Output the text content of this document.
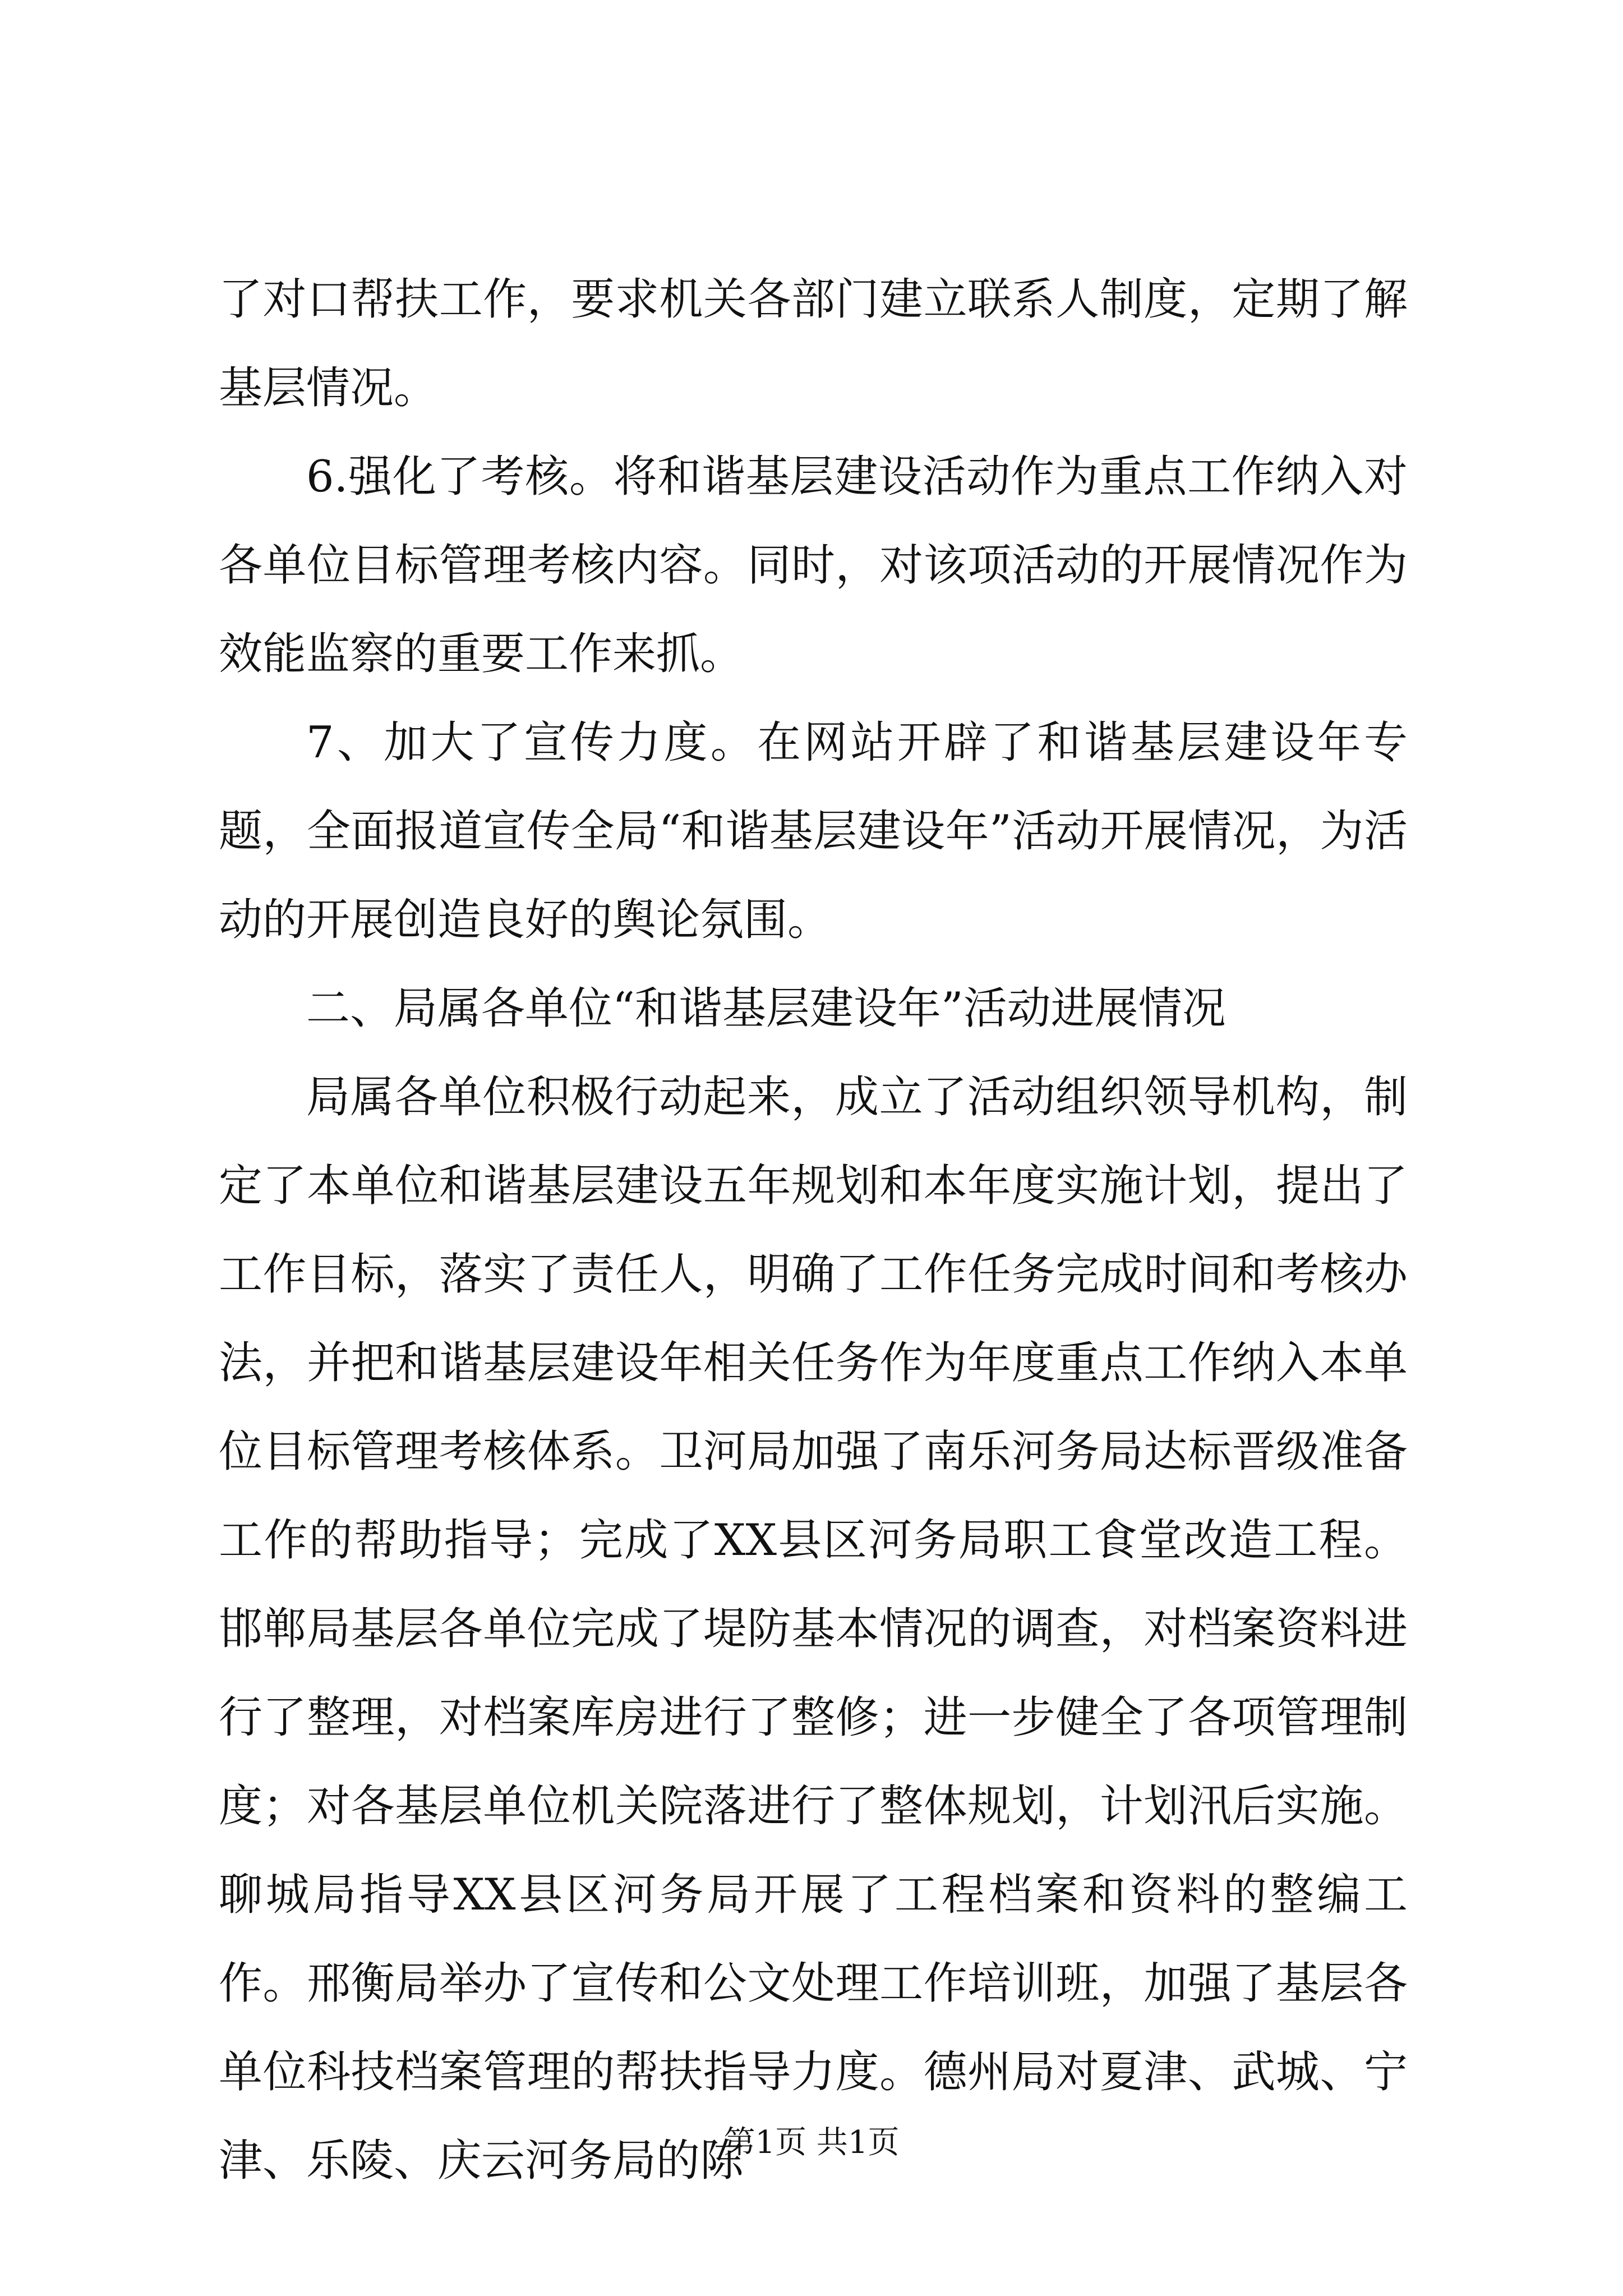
了对口帮扶工作，要求机关各部门建立联系人制度，定期了解基层情况。

6.强化了考核。将和谐基层建设活动作为重点工作纳入对各单位目标管理考核内容。同时，对该项活动的开展情况作为效能监察的重要工作来抓。

7、加大了宣传力度。在网站开辟了和谐基层建设年专题，全面报道宣传全局“和谐基层建设年”活动开展情况，为活动的开展创造良好的舆论氛围。

二、局属各单位“和谐基层建设年”活动进展情况

局属各单位积极行动起来，成立了活动组织领导机构，制定了本单位和谐基层建设五年规划和本年度实施计划，提出了工作目标，落实了责任人，明确了工作任务完成时间和考核办法，并把和谐基层建设年相关任务作为年度重点工作纳入本单位目标管理考核体系。卫河局加强了南乐河务局达标晋级准备工作的帮助指导；完成了XX县区河务局职工食堂改造工程。邯郸局基层各单位完成了堤防基本情况的调查，对档案资料进行了整理，对档案库房进行了整修；进一步健全了各项管理制度；对各基层单位机关院落进行了整体规划，计划汛后实施。聊城局指导XX县区河务局开展了工程档案和资料的整编工作。邢衡局举办了宣传和公文处理工作培训班，加强了基层各单位科技档案管理的帮扶指导力度。德州局对夏津、武城、宁津、乐陵、庆云河务局的陈

第1页 共1页
